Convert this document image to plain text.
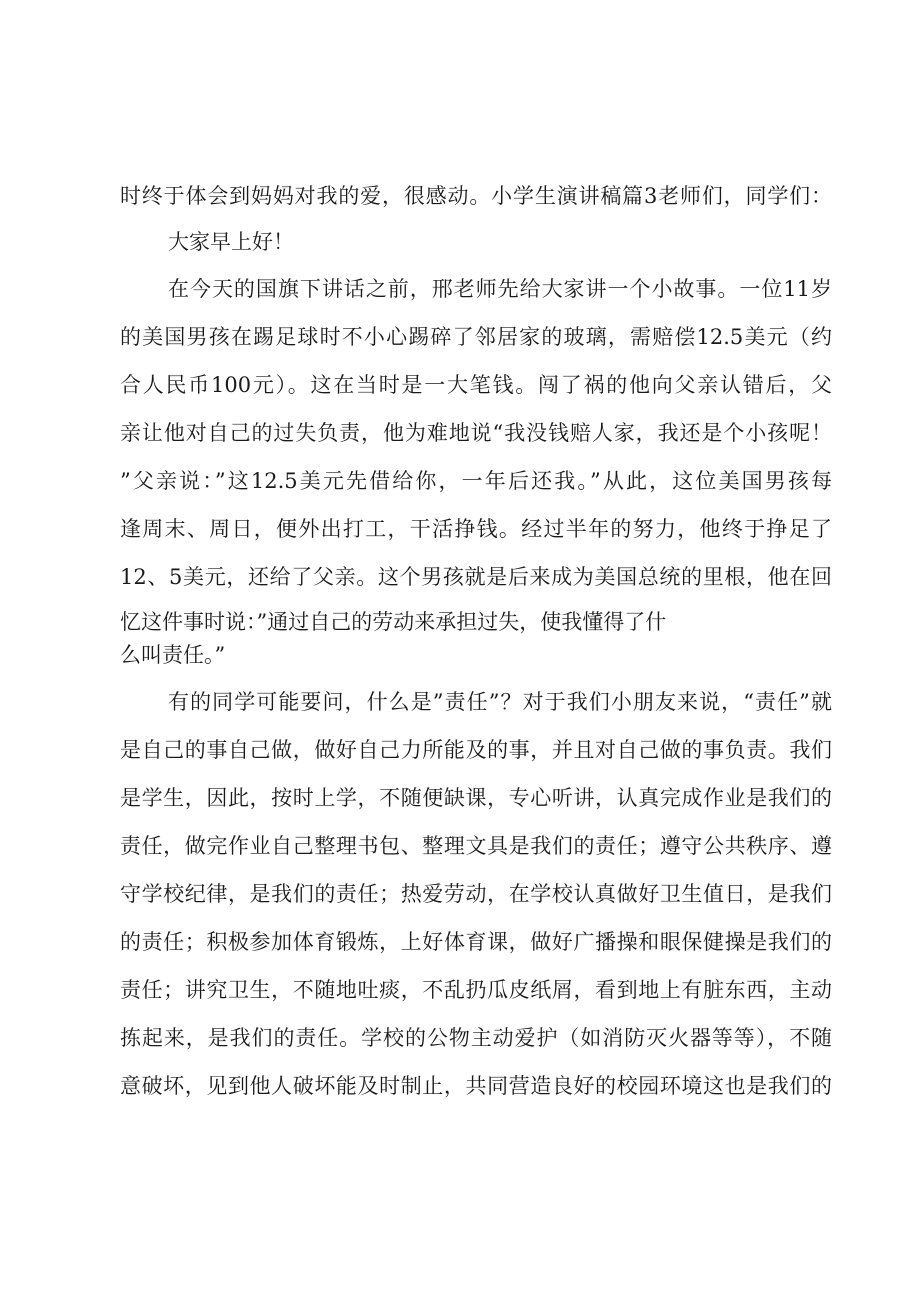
时终于体会到妈妈对我的爱，很感动。小学生演讲稿篇3老师们，同学们：
大家早上好！
在今天的国旗下讲话之前，邢老师先给大家讲一个小故事。一位11岁
的美国男孩在踢足球时不小心踢碎了邻居家的玻璃，需赔偿12.5美元（约
合人民币100元）。这在当时是一大笔钱。闯了祸的他向父亲认错后，父
亲让他对自己的过失负责，他为难地说“我没钱赔人家，我还是个小孩呢！
”父亲说：”这12.5美元先借给你，一年后还我。”从此，这位美国男孩每
逢周末、周日，便外出打工，干活挣钱。经过半年的努力，他终于挣足了
12、5美元，还给了父亲。这个男孩就是后来成为美国总统的里根，他在回
忆这件事时说：”通过自己的劳动来承担过失，使我懂得了什
么叫责任。”
有的同学可能要问，什么是”责任”？对于我们小朋友来说，“责任”就
是自己的事自己做，做好自己力所能及的事，并且对自己做的事负责。我们
是学生，因此，按时上学，不随便缺课，专心听讲，认真完成作业是我们的
责任，做完作业自己整理书包、整理文具是我们的责任；遵守公共秩序、遵
守学校纪律，是我们的责任；热爱劳动，在学校认真做好卫生值日，是我们
的责任；积极参加体育锻炼，上好体育课，做好广播操和眼保健操是我们的
责任；讲究卫生，不随地吐痰，不乱扔瓜皮纸屑，看到地上有脏东西，主动
拣起来，是我们的责任。学校的公物主动爱护（如消防灭火器等等），不随
意破坏，见到他人破坏能及时制止，共同营造良好的校园环境这也是我们的
